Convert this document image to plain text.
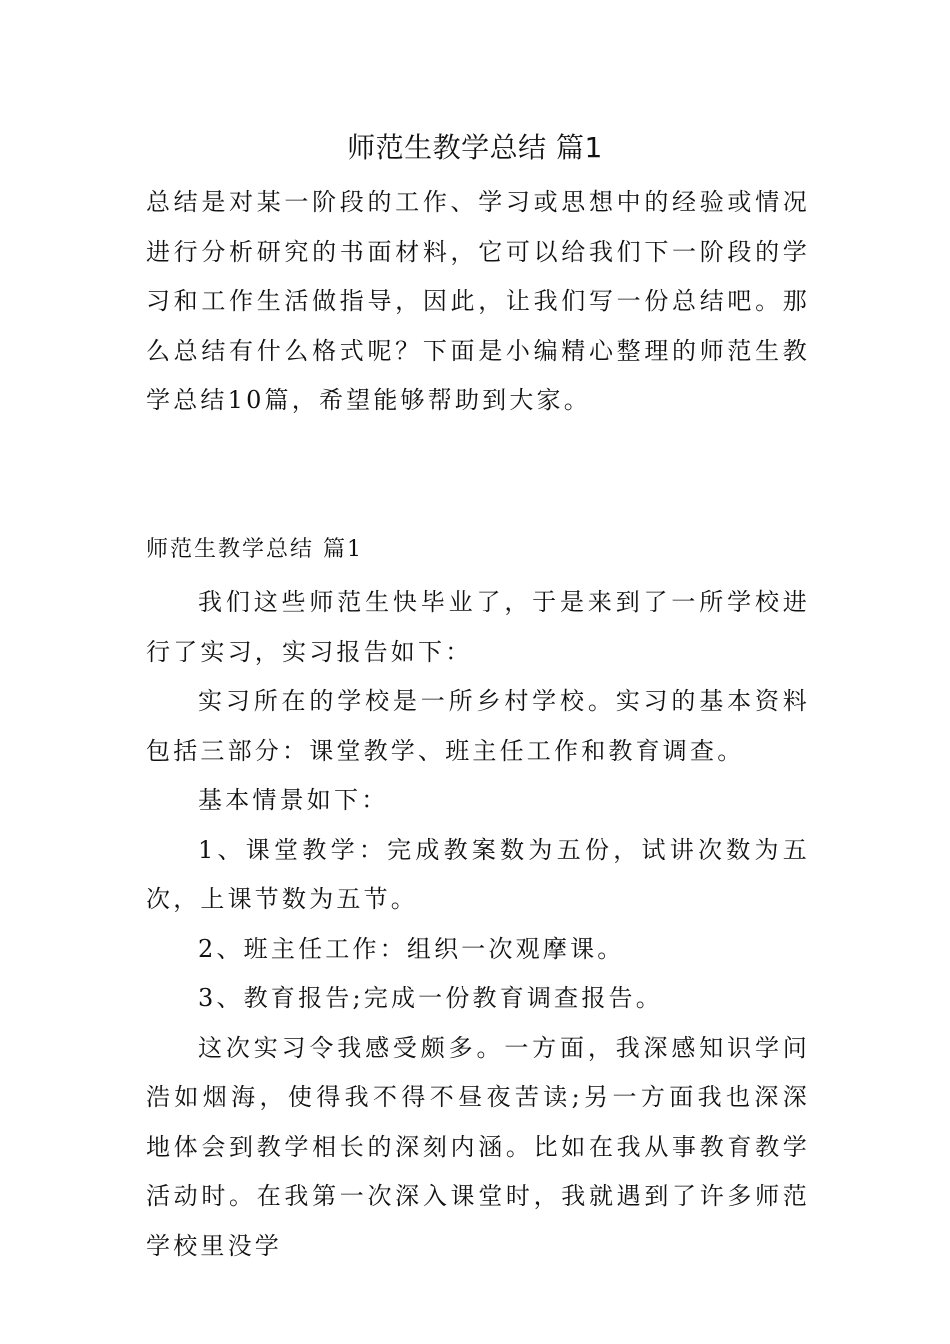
师范生教学总结 篇1
总结是对某一阶段的工作、学习或思想中的经验或情况进行分析研究的书面材料，它可以给我们下一阶段的学习和工作生活做指导，因此，让我们写一份总结吧。那么总结有什么格式呢？下面是小编精心整理的师范生教学总结10篇，希望能够帮助到大家。
师范生教学总结 篇1

我们这些师范生快毕业了，于是来到了一所学校进行了实习，实习报告如下：

实习所在的学校是一所乡村学校。实习的基本资料包括三部分：课堂教学、班主任工作和教育调查。

基本情景如下：

1、课堂教学：完成教案数为五份，试讲次数为五次，上课节数为五节。

2、班主任工作：组织一次观摩课。

3、教育报告;完成一份教育调查报告。

这次实习令我感受颇多。一方面，我深感知识学问浩如烟海，使得我不得不昼夜苦读;另一方面我也深深地体会到教学相长的深刻内涵。比如在我从事教育教学活动时。在我第一次深入课堂时，我就遇到了许多师范学校里没学
